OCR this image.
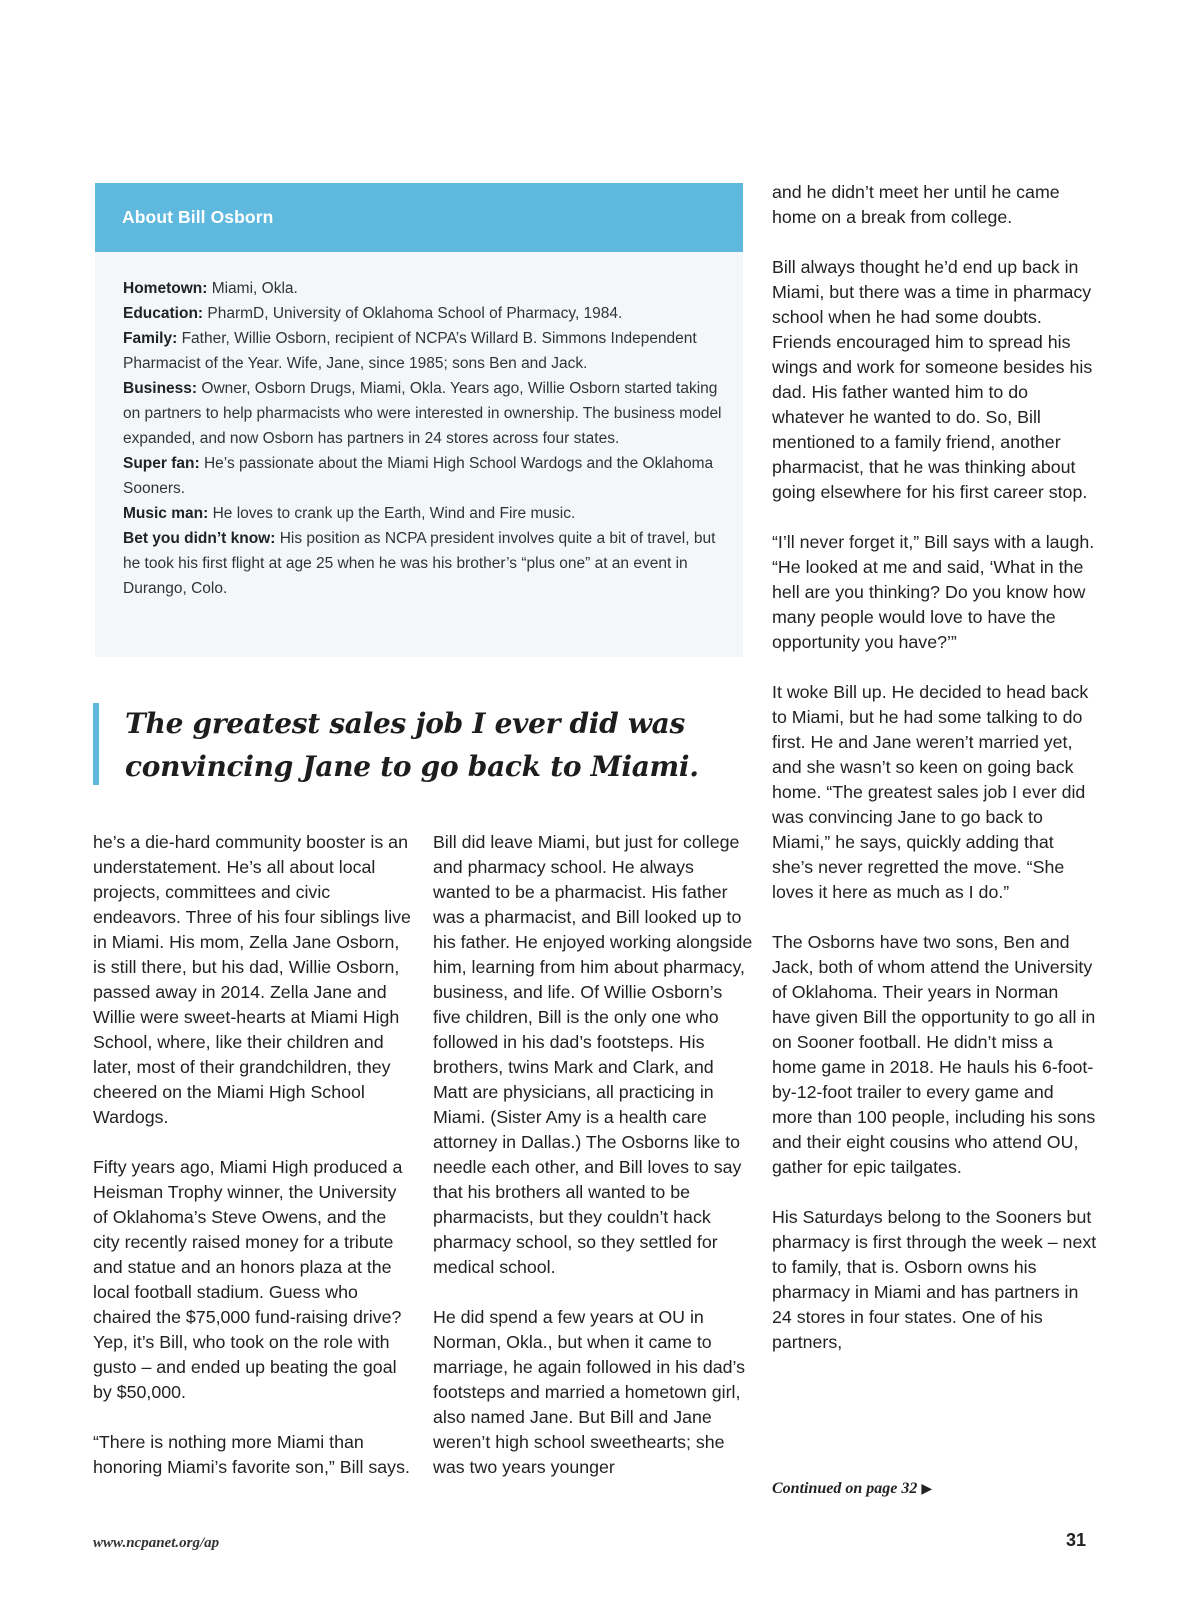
About Bill Osborn

Hometown: Miami, Okla.

Education: PharmD, University of Oklahoma School of Pharmacy, 1984.

Family: Father, Willie Osborn, recipient of NCPA’s Willard B. Simmons Independent Pharmacist of the Year. Wife, Jane, since 1985; sons Ben and Jack.

Business: Owner, Osborn Drugs, Miami, Okla. Years ago, Willie Osborn started taking on partners to help pharmacists who were interested in ownership. The business model expanded, and now Osborn has partners in 24 stores across four states.

Super fan: He’s passionate about the Miami High School Wardogs and the Oklahoma Sooners.

Music man: He loves to crank up the Earth, Wind and Fire music.

Bet you didn’t know: His position as NCPA president involves quite a bit of travel, but he took his first flight at age 25 when he was his brother’s “plus one” at an event in Durango, Colo.

The greatest sales job I ever did was convincing Jane to go back to Miami.

he’s a die-hard community booster is an understatement. He’s all about local projects, committees and civic endeavors. Three of his four siblings live in Miami. His mom, Zella Jane Osborn, is still there, but his dad, Willie Osborn, passed away in 2014. Zella Jane and Willie were sweet-hearts at Miami High School, where, like their children and later, most of their grandchildren, they cheered on the Miami High School Wardogs.

Fifty years ago, Miami High produced a Heisman Trophy winner, the University of Oklahoma’s Steve Owens, and the city recently raised money for a tribute and statue and an honors plaza at the local football stadium. Guess who chaired the $75,000 fund-raising drive? Yep, it’s Bill, who took on the role with gusto – and ended up beating the goal by $50,000.

“There is nothing more Miami than honoring Miami’s favorite son,” Bill says.

Bill did leave Miami, but just for college and pharmacy school. He always wanted to be a pharmacist. His father was a pharmacist, and Bill looked up to his father. He enjoyed working alongside him, learning from him about pharmacy, business, and life. Of Willie Osborn’s five children, Bill is the only one who followed in his dad’s footsteps. His brothers, twins Mark and Clark, and Matt are physicians, all practicing in Miami. (Sister Amy is a health care attorney in Dallas.) The Osborns like to needle each other, and Bill loves to say that his brothers all wanted to be pharmacists, but they couldn’t hack pharmacy school, so they settled for medical school.

He did spend a few years at OU in Norman, Okla., but when it came to marriage, he again followed in his dad’s footsteps and married a hometown girl, also named Jane. But Bill and Jane weren’t high school sweethearts; she was two years younger

and he didn’t meet her until he came home on a break from college.

Bill always thought he’d end up back in Miami, but there was a time in pharmacy school when he had some doubts. Friends encouraged him to spread his wings and work for someone besides his dad. His father wanted him to do whatever he wanted to do. So, Bill mentioned to a family friend, another pharmacist, that he was thinking about going elsewhere for his first career stop.

“I’ll never forget it,” Bill says with a laugh. “He looked at me and said, ‘What in the hell are you thinking? Do you know how many people would love to have the opportunity you have?’”

It woke Bill up. He decided to head back to Miami, but he had some talking to do first. He and Jane weren’t married yet, and she wasn’t so keen on going back home. “The greatest sales job I ever did was convincing Jane to go back to Miami,” he says, quickly adding that she’s never regretted the move. “She loves it here as much as I do.”

The Osborns have two sons, Ben and Jack, both of whom attend the University of Oklahoma. Their years in Norman have given Bill the opportunity to go all in on Sooner football. He didn’t miss a home game in 2018. He hauls his 6-foot-by-12-foot trailer to every game and more than 100 people, including his sons and their eight cousins who attend OU, gather for epic tailgates.

His Saturdays belong to the Sooners but pharmacy is first through the week – next to family, that is. Osborn owns his pharmacy in Miami and has partners in 24 stores in four states. One of his partners,

Continued on page 32 ▶
www.ncpanet.org/ap	31
